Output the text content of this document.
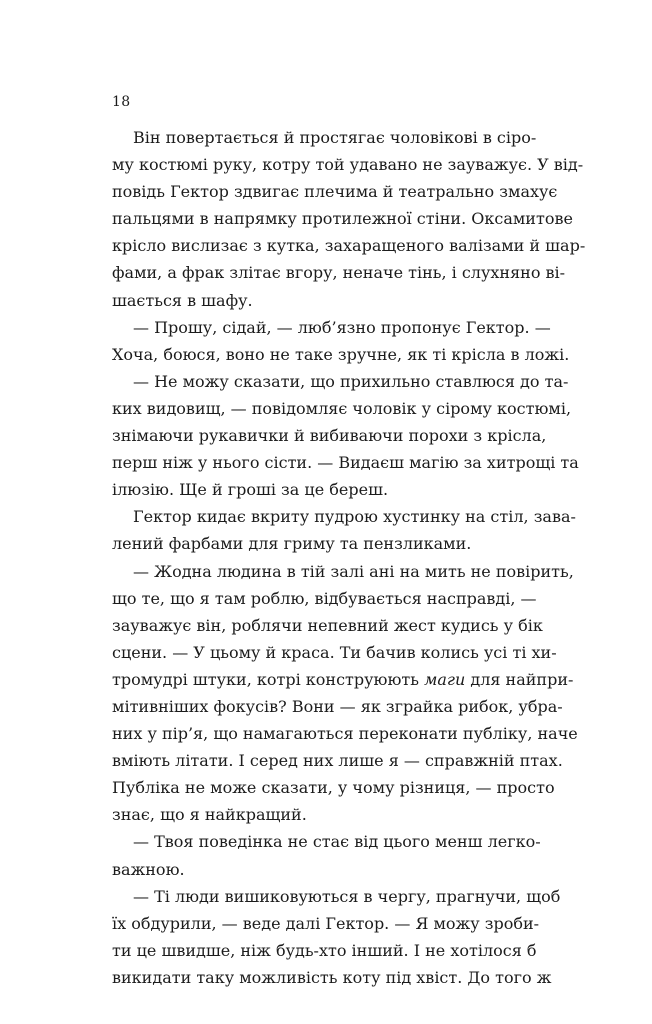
18
Він повертається й простягає чоловікові в сіро-
му костюмі руку, котру той удавано не зауважує. У від-
повідь Гектор здвигає плечима й театрально змахує
пальцями в напрямку протилежної стіни. Оксамитове
крісло вислизає з кутка, захаращеного валізами й шар-
фами, а фрак злітає вгору, неначе тінь, і слухняно ві-
шається в шафу.
— Прошу, сідай, — люб’язно пропонує Гектор. —
Хоча, боюся, воно не таке зручне, як ті крісла в ложі.
— Не можу сказати, що прихильно ставлюся до та-
ких видовищ, — повідомляє чоловік у сірому костюмі,
знімаючи рукавички й вибиваючи порохи з крісла,
перш ніж у нього сісти. — Видаєш магію за хитрощі та
ілюзію. Ще й гроші за це береш.
Гектор кидає вкриту пудрою хустинку на стіл, зава-
лений фарбами для гриму та пензликами.
— Жодна людина в тій залі ані на мить не повірить,
що те, що я там роблю, відбувається насправді, —
зауважує він, роблячи непевний жест кудись у бік
сцени. — У цьому й краса. Ти бачив колись усі ті хи-
тромудрі штуки, котрі конструюють маги для найпри-
мітивніших фокусів? Вони — як зграйка рибок, убра-
них у пір’я, що намагаються переконати публіку, наче
вміють літати. І серед них лише я — справжній птах.
Публіка не може сказати, у чому різниця, — просто
знає, що я найкращий.
— Твоя поведінка не стає від цього менш легко-
важною.
— Ті люди вишиковуються в чергу, прагнучи, щоб
їх обдурили, — веде далі Гектор. — Я можу зроби-
ти це швидше, ніж будь-хто інший. І не хотілося б
викидати таку можливість коту під хвіст. До того ж
